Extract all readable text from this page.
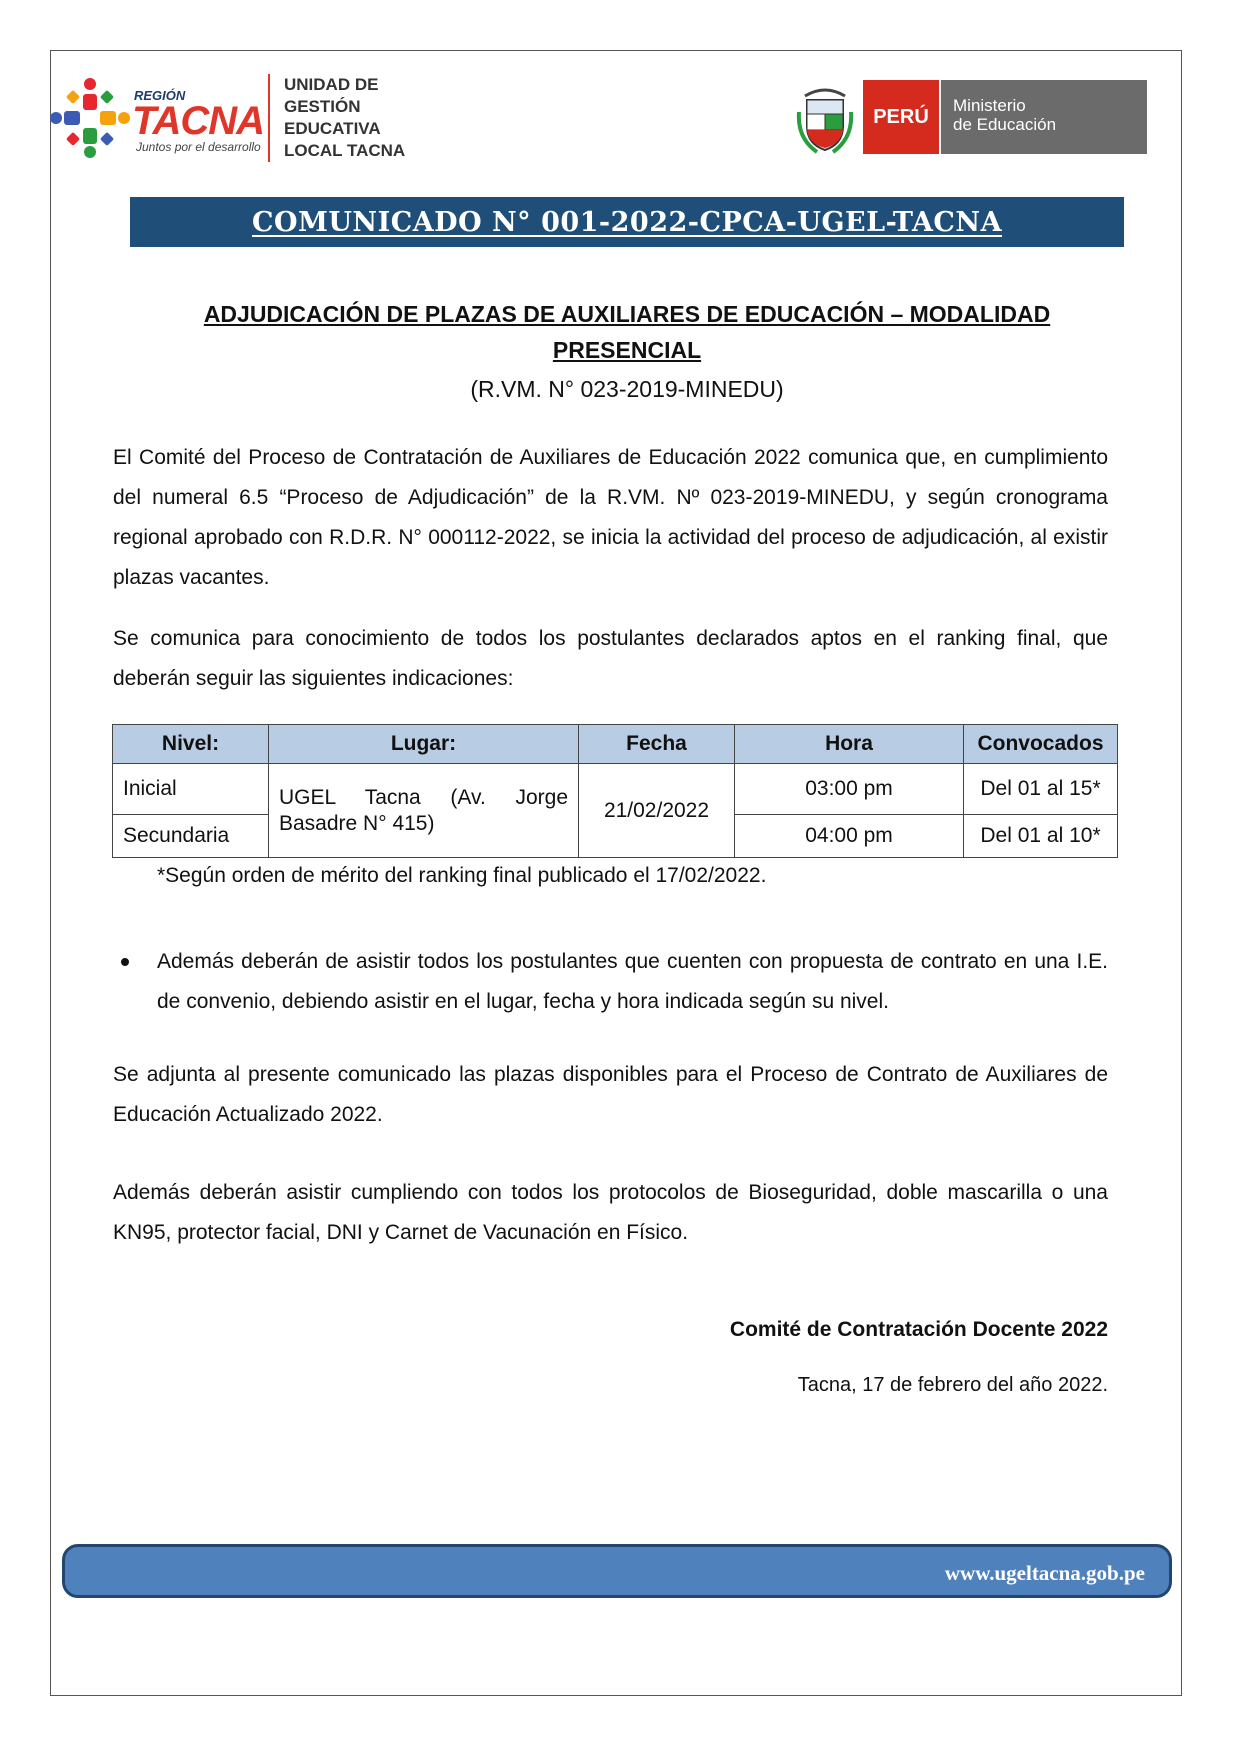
REGIÓN
TACNA
Juntos por el desarrollo
UNIDAD DE
GESTIÓN
EDUCATIVA
LOCAL TACNA
PERÚ	Ministerio
de Educación
COMUNICADO N° 001-2022-CPCA-UGEL-TACNA
ADJUDICACIÓN DE PLAZAS DE AUXILIARES DE EDUCACIÓN – MODALIDAD
PRESENCIAL
(R.VM. N° 023-2019-MINEDU)

El Comité del Proceso de Contratación de Auxiliares de Educación 2022 comunica que, en cumplimiento del numeral 6.5 “Proceso de Adjudicación” de la R.VM. Nº 023-2019-MINEDU, y según cronograma regional aprobado con R.D.R. N° 000112-2022, se inicia la actividad del proceso de adjudicación, al existir plazas vacantes.

Se comunica para conocimiento de todos los postulantes declarados aptos en el ranking final, que deberán seguir las siguientes indicaciones:

Nivel:	Lugar:	Fecha	Hora	Convocados
Inicial	UGEL Tacna (Av. Jorge Basadre N° 415)	21/02/2022	03:00 pm	Del 01 al 15*
Secundaria			04:00 pm	Del 01 al 10*
*Según orden de mérito del ranking final publicado el 17/02/2022.

Además deberán de asistir todos los postulantes que cuenten con propuesta de contrato en una I.E. de convenio, debiendo asistir en el lugar, fecha y hora indicada según su nivel.

Se adjunta al presente comunicado las plazas disponibles para el Proceso de Contrato de Auxiliares de Educación Actualizado 2022.

Además deberán asistir cumpliendo con todos los protocolos de Bioseguridad, doble mascarilla o una KN95, protector facial, DNI y Carnet de Vacunación en Físico.

Comité de Contratación Docente 2022
Tacna, 17 de febrero del año 2022.
www.ugeltacna.gob.pe
